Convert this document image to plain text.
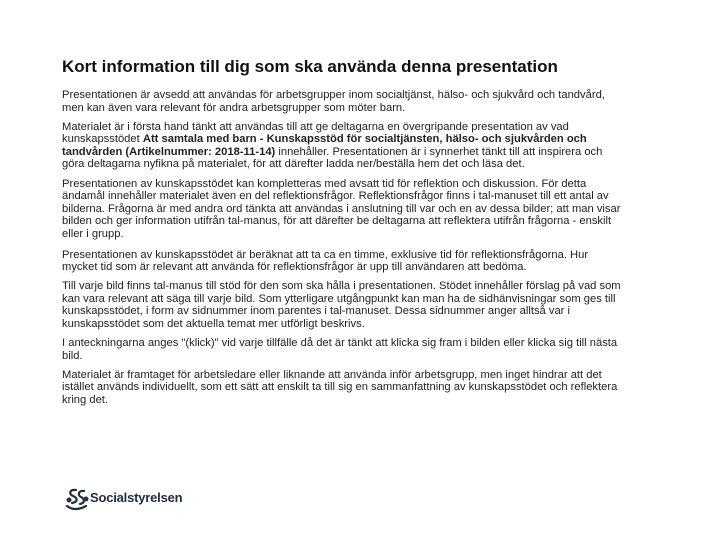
Kort information till dig som ska använda denna presentation

Presentationen är avsedd att användas för arbetsgrupper inom socialtjänst, hälso- och sjukvård och tandvård, men kan även vara relevant för andra arbetsgrupper som möter barn.

Materialet är i första hand tänkt att användas till att ge deltagarna en övergripande presentation av vad kunskapsstödet Att samtala med barn - Kunskapsstöd för socialtjänsten, hälso- och sjukvården och tandvården (Artikelnummer: 2018-11-14) innehåller. Presentationen är i synnerhet tänkt till att inspirera och göra deltagarna nyfikna på materialet, för att därefter ladda ner/beställa hem det och läsa det.

Presentationen av kunskapsstödet kan kompletteras med avsatt tid för reflektion och diskussion. För detta ändamål innehåller materialet även en del reflektionsfrågor. Reflektionsfrågor finns i tal-manuset till ett antal av bilderna. Frågorna är med andra ord tänkta att användas i anslutning till var och en av dessa bilder; att man visar bilden och ger information utifrån tal-manus, för att därefter be deltagarna att reflektera utifrån frågorna - enskilt eller i grupp.

Presentationen av kunskapsstödet är beräknat att ta ca en timme, exklusive tid för reflektionsfrågorna. Hur mycket tid som är relevant att använda för reflektionsfrågor är upp till användaren att bedöma.

Till varje bild finns tal-manus till stöd för den som ska hålla i presentationen. Stödet innehåller förslag på vad som kan vara relevant att säga till varje bild. Som ytterligare utgångpunkt kan man ha de sidhänvisningar som ges till kunskapsstödet, i form av sidnummer inom parentes i tal-manuset. Dessa sidnummer anger alltså var i kunskapsstödet som det aktuella temat mer utförligt beskrivs.

I anteckningarna anges "(klick)" vid varje tillfälle då det är tänkt att klicka sig fram i bilden eller klicka sig till nästa bild.

Materialet är framtaget för arbetsledare eller liknande att använda inför arbetsgrupp, men inget hindrar att det istället används individuellt, som ett sätt att enskilt ta till sig en sammanfattning av kunskapsstödet och reflektera kring det.

Socialstyrelsen
